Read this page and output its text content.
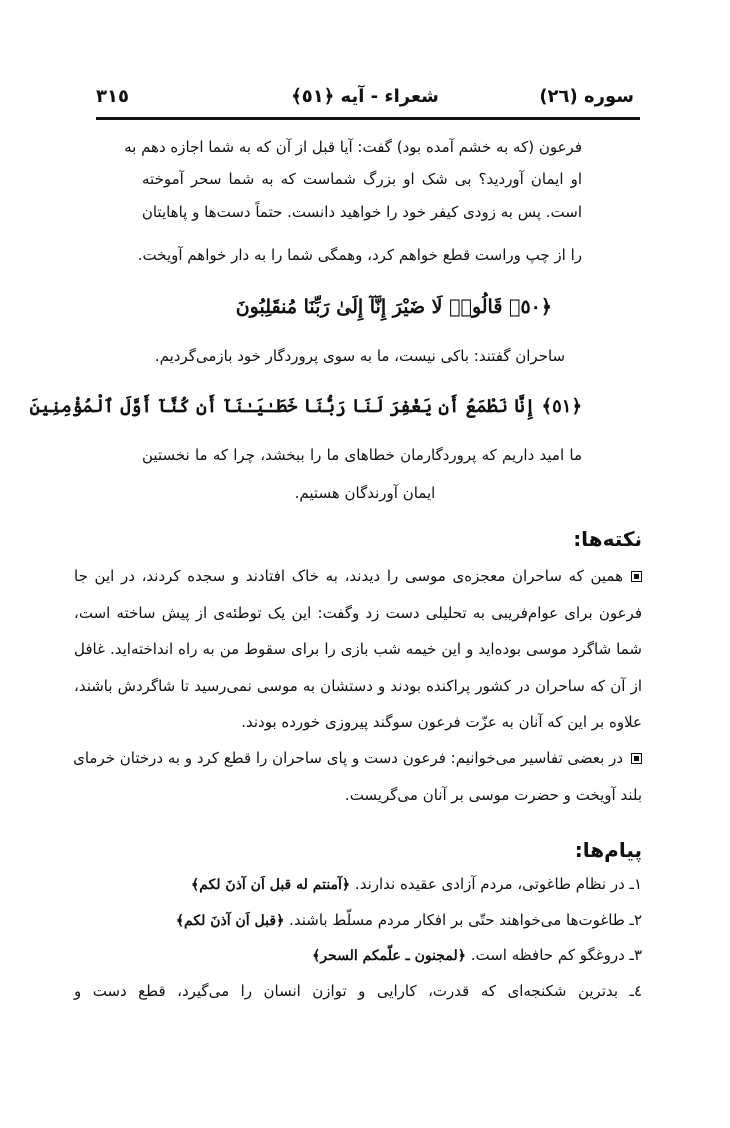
سوره (٢٦)
شعراء - آیه ﴿٥١﴾
٣١٥
فرعون (که به خشم آمده بود) گفت: آیا قبل از آن که به شما اجازه دهم به
او ایمان آوردید؟ بی شک او بزرگ شماست که به شما سحر آموخته
است. پس به زودی کیفر خود را خواهید دانست. حتماً دست‌ها و پاهایتان
را از چپ وراست قطع خواهم کرد، وهمگی شما را به دار خواهم آویخت.
﴿٥٠﴾ قَالُوا۟ لَا ضَيْرَ إِنَّآ إِلَىٰ رَبِّنَا مُنقَلِبُونَ
ساحران گفتند: باکی نیست، ما به سوی پروردگار خود بازمی‌گردیم.
﴿٥١﴾ إِنَّا نَطْمَعُ أَن يَغْفِرَ لَنَا رَبُّنَا خَطَـٰيَـٰنَآ أَن كُنَّآ أَوَّلَ ٱلْمُؤْمِنِينَ
ما امید داریم که پروردگارمان خطاهای ما را ببخشد، چرا که ما نخستین
ایمان آورندگان هستیم.
نکته‌ها:
همین که ساحران معجزه‌ی موسی را دیدند، به خاک افتادند و سجده کردند، در این جا
فرعون برای عوام‌فریبی به تحلیلی دست زد وگفت: این یک توطئه‌ی از پیش ساخته است،
شما شاگرد موسی بوده‌اید و این خیمه شب بازی را برای سقوط من به راه انداخته‌اید. غافل
از آن که ساحران در کشور پراکنده بودند و دستشان به موسی نمی‌رسید تا شاگردش باشند،
علاوه بر این که آنان به عزّت فرعون سوگند پیروزی خورده بودند.
در بعضی تفاسیر می‌خوانیم: فرعون دست و پای ساحران را قطع کرد و به درختان خرمای
بلند آویخت و حضرت موسی بر آنان می‌گریست.
پیام‌ها:
۱ـ در نظام طاغوتی، مردم آزادی عقیده ندارند. ﴿آمنتم له قبل اَن آذنَ لكم﴾
۲ـ طاغوت‌ها می‌خواهند حتّی بر افکار مردم مسلّط باشند. ﴿قبل اَن آذنَ لكم﴾
۳ـ دروغگو کم حافظه است. ﴿لمجنون ـ علّمكم السحر﴾
٤ـ بدترین شکنجه‌ای که قدرت، کارایی و توازن انسان را می‌گیرد، قطع دست و
